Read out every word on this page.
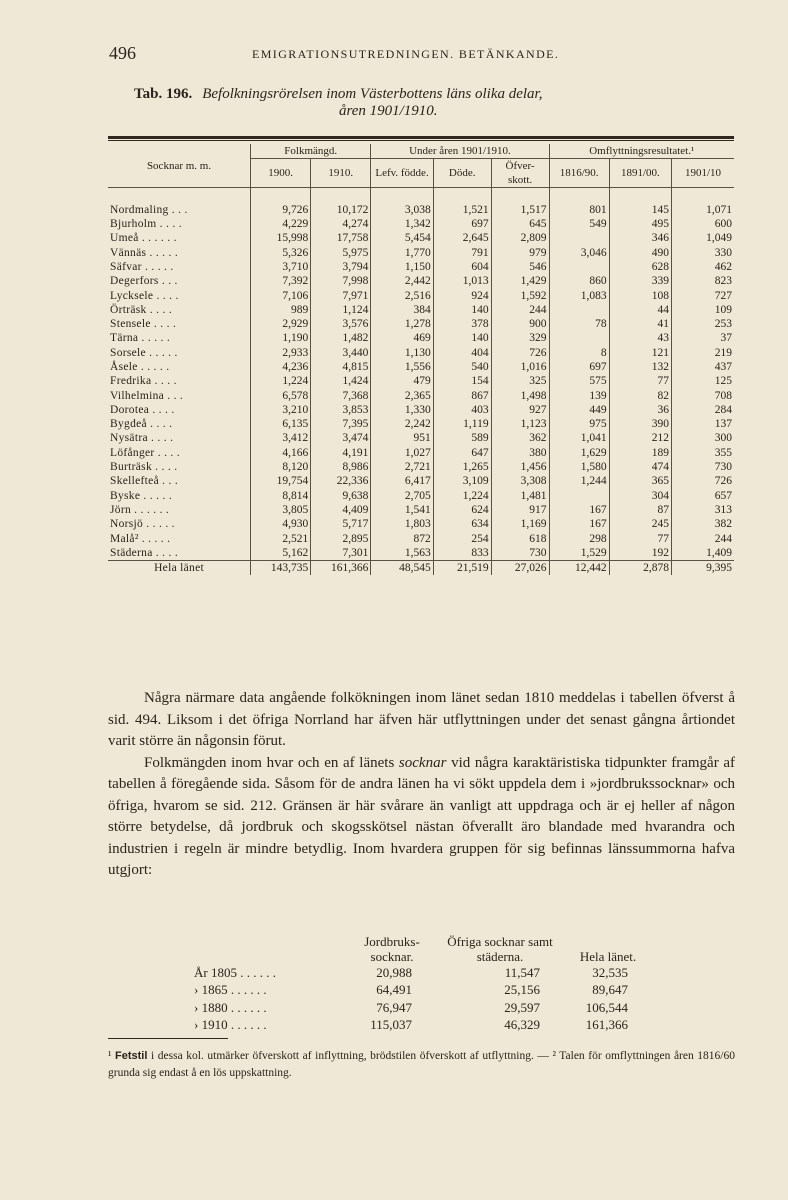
496	EMIGRATIONSUTREDNINGEN. BETÄNKANDE.
Tab. 196. Befolkningsrörelsen inom Västerbottens läns olika delar,
åren 1901/1910.
Socknar m. m.	Folkmängd.		Under åren 1901/1910.			Omflyttningsresultatet.¹		
	1900.	1910.	Lefv. födde.	Döde.	Öfver- skott.	1816/90.	1891/00.	1901/10

Nordmaling . . .	9,726	10,172	3,038	1,521	1,517	801	145	1,071
Bjurholm . . . .	4,229	4,274	1,342	697	645	549	495	600
Umeå . . . . . .	15,998	17,758	5,454	2,645	2,809		346	1,049
Vännäs . . . . .	5,326	5,975	1,770	791	979	3,046	490	330
Säfvar . . . . .	3,710	3,794	1,150	604	546		628	462
Degerfors . . .	7,392	7,998	2,442	1,013	1,429	860	339	823
Lycksele . . . .	7,106	7,971	2,516	924	1,592	1,083	108	727
Örträsk . . . .	989	1,124	384	140	244		44	109
Stensele . . . .	2,929	3,576	1,278	378	900	78	41	253
Tärna . . . . .	1,190	1,482	469	140	329		43	37
Sorsele . . . . .	2,933	3,440	1,130	404	726	8	121	219
Åsele . . . . .	4,236	4,815	1,556	540	1,016	697	132	437
Fredrika . . . .	1,224	1,424	479	154	325	575	77	125
Vilhelmina . . .	6,578	7,368	2,365	867	1,498	139	82	708
Dorotea . . . .	3,210	3,853	1,330	403	927	449	36	284
Bygdeå . . . .	6,135	7,395	2,242	1,119	1,123	975	390	137
Nysätra . . . .	3,412	3,474	951	589	362	1,041	212	300
Löfånger . . . .	4,166	4,191	1,027	647	380	1,629	189	355
Burträsk . . . .	8,120	8,986	2,721	1,265	1,456	1,580	474	730
Skellefteå . . .	19,754	22,336	6,417	3,109	3,308	1,244	365	726
Byske . . . . .	8,814	9,638	2,705	1,224	1,481		304	657
Jörn . . . . . .	3,805	4,409	1,541	624	917	167	87	313
Norsjö . . . . .	4,930	5,717	1,803	634	1,169	167	245	382
Malå² . . . . .	2,521	2,895	872	254	618	298	77	244
Städerna . . . .	5,162	7,301	1,563	833	730	1,529	192	1,409
Hela länet	143,735	161,366	48,545	21,519	27,026	12,442	2,878	9,395

Några närmare data angående folkökningen inom länet sedan 1810 meddelas i tabellen öfverst å sid. 494. Liksom i det öfriga Norrland har äfven här utflyttningen under det senast gångna årtiondet varit större än någonsin förut.

Folkmängden inom hvar och en af länets socknar vid några karaktäristiska tidpunkter framgår af tabellen å föregående sida. Såsom för de andra länen ha vi sökt uppdela dem i »jordbrukssocknar» och öfriga, hvarom se sid. 212. Gränsen är här svårare än vanligt att uppdraga och är ej heller af någon större betydelse, då jordbruk och skogsskötsel nästan öfverallt äro blandade med hvarandra och industrien i regeln är mindre betydlig. Inom hvardera gruppen för sig befinnas länssummorna hafva utgjort:

	Jordbruks- socknar.	Öfriga socknar samt städerna.	Hela länet.
År 1805 . . . . . .	20,988	11,547	32,535
› 1865 . . . . . .	64,491	25,156	89,647
› 1880 . . . . . .	76,947	29,597	106,544
› 1910 . . . . . .	115,037	46,329	161,366
¹ Fetstil i dessa kol. utmärker öfverskott af inflyttning, brödstilen öfverskott af utflyttning. — ² Talen för omflyttningen åren 1816/60 grunda sig endast å en lös uppskattning.
